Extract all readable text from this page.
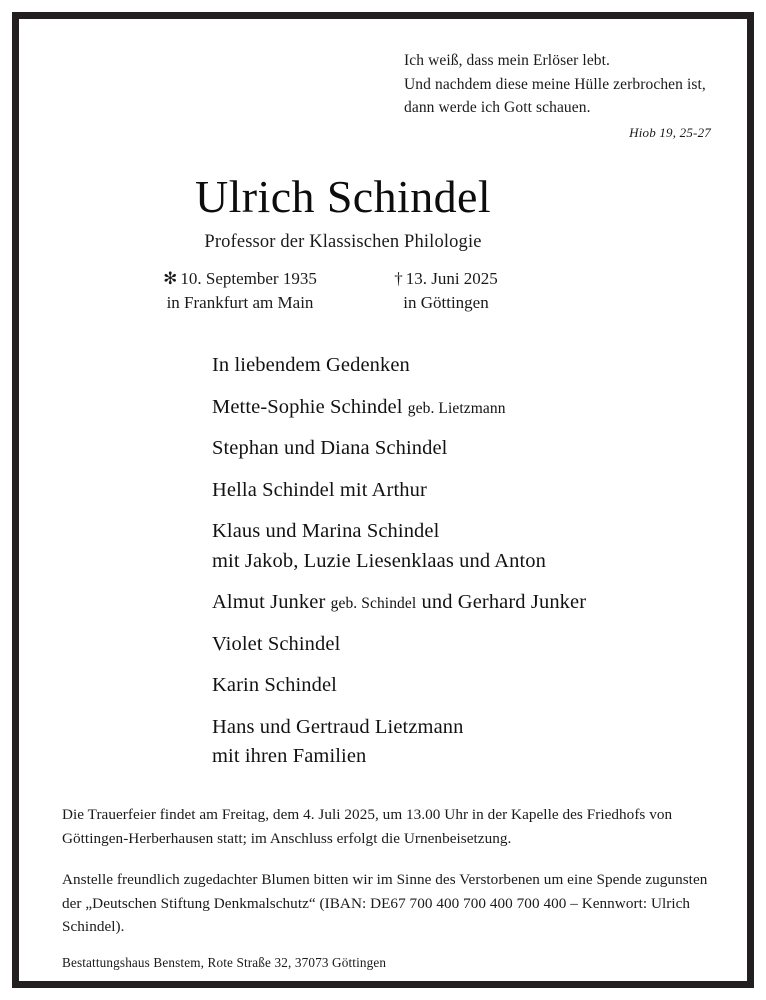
Ich weiß, dass mein Erlöser lebt.
Und nachdem diese meine Hülle zerbrochen ist,
dann werde ich Gott schauen.
Hiob 19, 25-27
Ulrich Schindel
Professor der Klassischen Philologie
✻ 10. September 1935
in Frankfurt am Main
† 13. Juni 2025
in Göttingen
In liebendem Gedenken
Mette-Sophie Schindel geb. Lietzmann
Stephan und Diana Schindel
Hella Schindel mit Arthur
Klaus und Marina Schindel
mit Jakob, Luzie Liesenklaas und Anton
Almut Junker geb. Schindel und Gerhard Junker
Violet Schindel
Karin Schindel
Hans und Gertraud Lietzmann
mit ihren Familien

Die Trauerfeier findet am Freitag, dem 4. Juli 2025, um 13.00 Uhr in der Kapelle des Friedhofs von Göttingen-Herberhausen statt; im Anschluss erfolgt die Urnenbeisetzung.

Anstelle freundlich zugedachter Blumen bitten wir im Sinne des Verstorbenen um eine Spende zugunsten der „Deutschen Stiftung Denkmalschutz“ (IBAN: DE67 700 400 700 400 700 400 – Kennwort: Ulrich Schindel).

Bestattungshaus Benstem, Rote Straße 32, 37073 Göttingen
